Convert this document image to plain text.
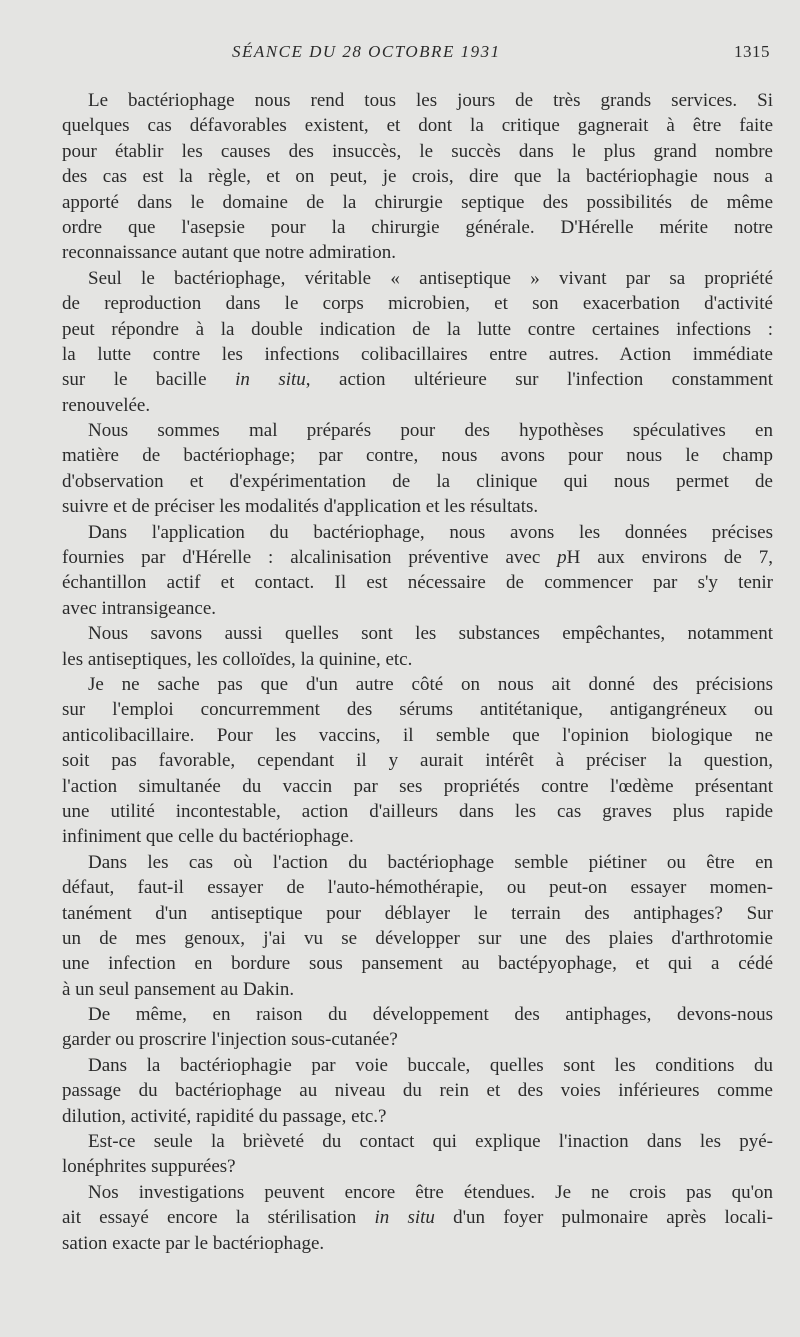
SÉANCE DU 28 OCTOBRE 1931	1315
Le bactériophage nous rend tous les jours de très grands services. Si
quelques cas défavorables existent, et dont la critique gagnerait à être faite
pour établir les causes des insuccès, le succès dans le plus grand nombre
des cas est la règle, et on peut, je crois, dire que la bactériophagie nous a
apporté dans le domaine de la chirurgie septique des possibilités de même
ordre que l'asepsie pour la chirurgie générale. D'Hérelle mérite notre
reconnaissance autant que notre admiration.
Seul le bactériophage, véritable « antiseptique » vivant par sa propriété
de reproduction dans le corps microbien, et son exacerbation d'activité
peut répondre à la double indication de la lutte contre certaines infections :
la lutte contre les infections colibacillaires entre autres. Action immédiate
sur le bacille in situ, action ultérieure sur l'infection constamment
renouvelée.
Nous sommes mal préparés pour des hypothèses spéculatives en
matière de bactériophage; par contre, nous avons pour nous le champ
d'observation et d'expérimentation de la clinique qui nous permet de
suivre et de préciser les modalités d'application et les résultats.
Dans l'application du bactériophage, nous avons les données précises
fournies par d'Hérelle : alcalinisation préventive avec pH aux environs de 7,
échantillon actif et contact. Il est nécessaire de commencer par s'y tenir
avec intransigeance.
Nous savons aussi quelles sont les substances empêchantes, notamment
les antiseptiques, les colloïdes, la quinine, etc.
Je ne sache pas que d'un autre côté on nous ait donné des précisions
sur l'emploi concurremment des sérums antitétanique, antigangréneux ou
anticolibacillaire. Pour les vaccins, il semble que l'opinion biologique ne
soit pas favorable, cependant il y aurait intérêt à préciser la question,
l'action simultanée du vaccin par ses propriétés contre l'œdème présentant
une utilité incontestable, action d'ailleurs dans les cas graves plus rapide
infiniment que celle du bactériophage.
Dans les cas où l'action du bactériophage semble piétiner ou être en
défaut, faut-il essayer de l'auto-hémothérapie, ou peut-on essayer momen-
tanément d'un antiseptique pour déblayer le terrain des antiphages? Sur
un de mes genoux, j'ai vu se développer sur une des plaies d'arthrotomie
une infection en bordure sous pansement au bactépyophage, et qui a cédé
à un seul pansement au Dakin.
De même, en raison du développement des antiphages, devons-nous
garder ou proscrire l'injection sous-cutanée?
Dans la bactériophagie par voie buccale, quelles sont les conditions du
passage du bactériophage au niveau du rein et des voies inférieures comme
dilution, activité, rapidité du passage, etc.?
Est-ce seule la brièveté du contact qui explique l'inaction dans les pyé-
lonéphrites suppurées?
Nos investigations peuvent encore être étendues. Je ne crois pas qu'on
ait essayé encore la stérilisation in situ d'un foyer pulmonaire après locali-
sation exacte par le bactériophage.
